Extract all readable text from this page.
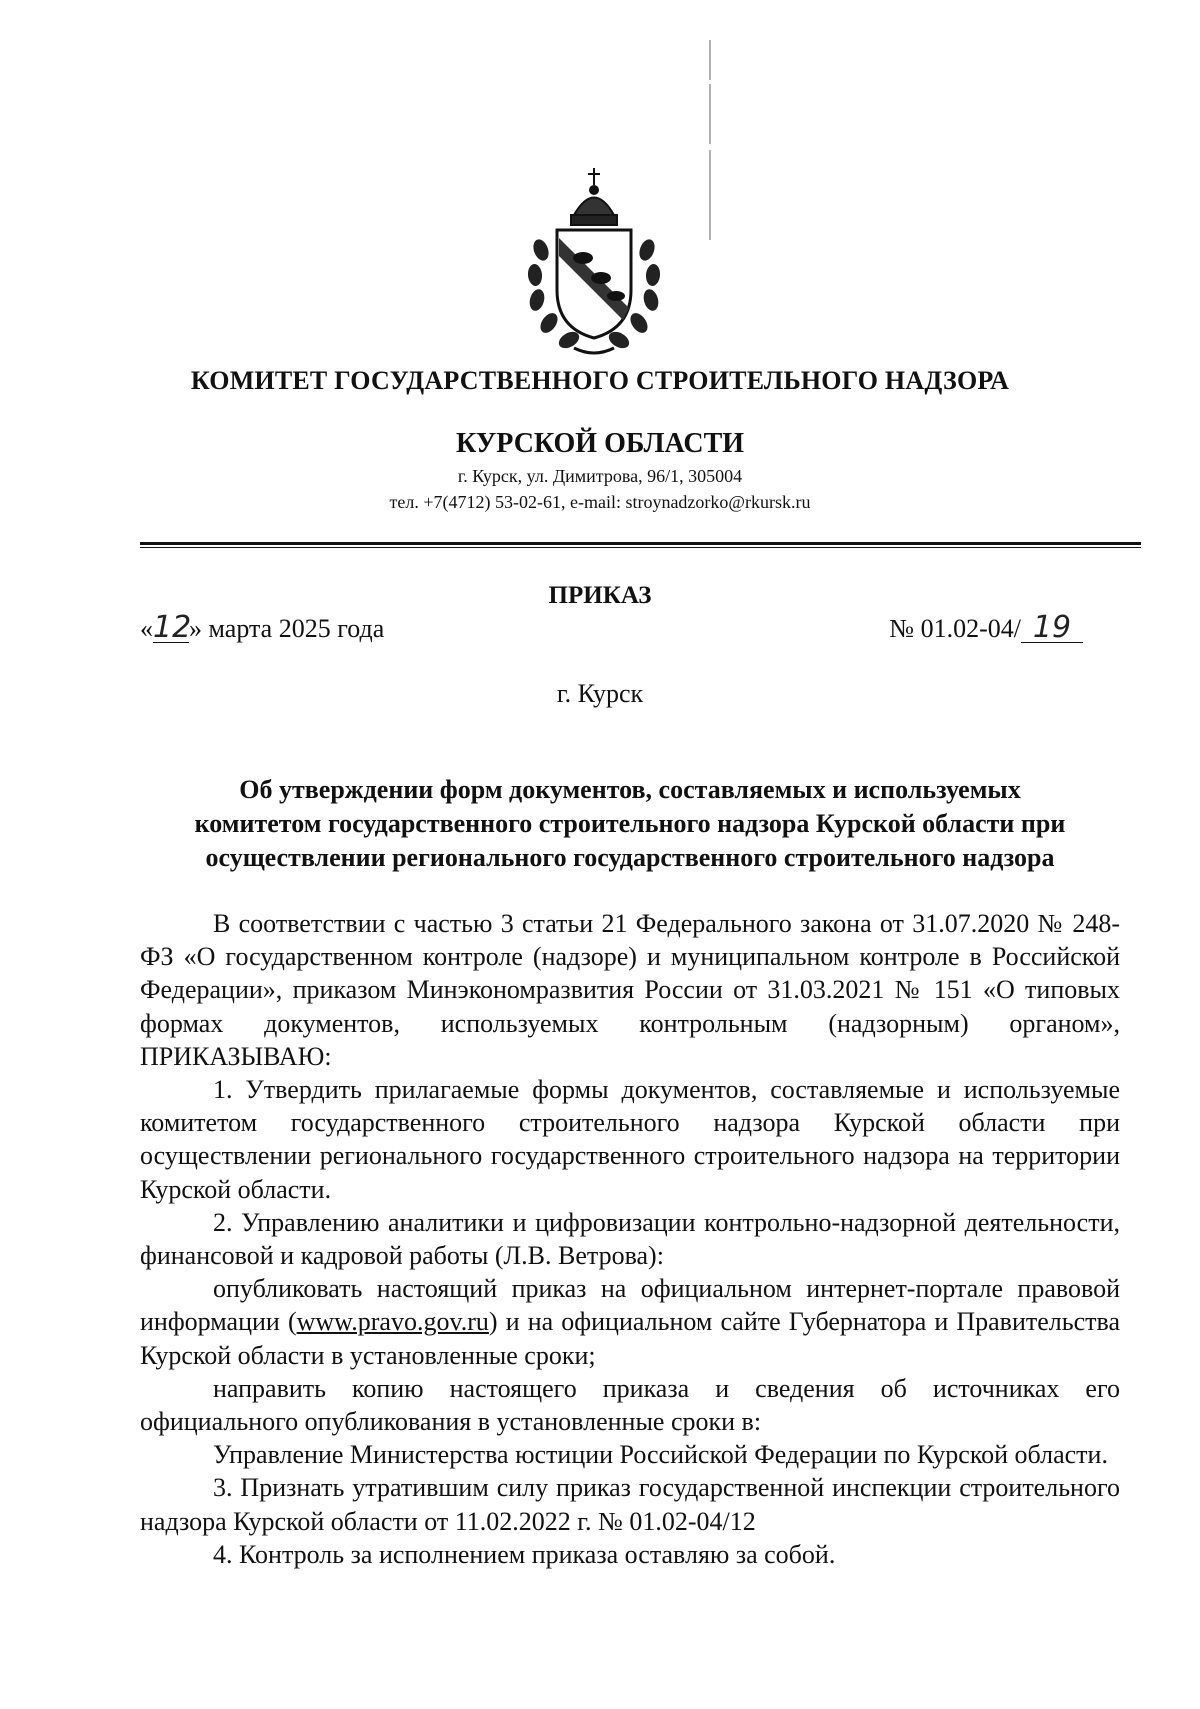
КОМИТЕТ ГОСУДАРСТВЕННОГО СТРОИТЕЛЬНОГО НАДЗОРА
КУРСКОЙ ОБЛАСТИ

г. Курск, ул. Димитрова, 96/1, 305004

тел. +7(4712) 53-02-61, e-mail: stroynadzorko@rkursk.ru

ПРИКАЗ
«12» марта 2025 года	№ 01.02-04/ 19

г. Курск

Об утверждении форм документов, составляемых и используемых
комитетом государственного строительного надзора Курской области при
осуществлении регионального государственного строительного надзора

В соответствии с частью 3 статьи 21 Федерального закона от 31.07.2020 № 248-ФЗ «О государственном контроле (надзоре) и муниципальном контроле в Российской Федерации», приказом Минэкономразвития России от 31.03.2021 № 151 «О типовых формах документов, используемых контрольным (надзорным) органом», ПРИКАЗЫВАЮ:

1. Утвердить прилагаемые формы документов, составляемые и используемые комитетом государственного строительного надзора Курской области при осуществлении регионального государственного строительного надзора на территории Курской области.

2. Управлению аналитики и цифровизации контрольно-надзорной деятельности, финансовой и кадровой работы (Л.В. Ветрова):

опубликовать настоящий приказ на официальном интернет-портале правовой информации (www.pravo.gov.ru) и на официальном сайте Губернатора и Правительства Курской области в установленные сроки;

направить копию настоящего приказа и сведения об источниках его официального опубликования в установленные сроки в:

Управление Министерства юстиции Российской Федерации по Курской области.

3. Признать утратившим силу приказ государственной инспекции строительного надзора Курской области от 11.02.2022 г. № 01.02-04/12

4. Контроль за исполнением приказа оставляю за собой.
